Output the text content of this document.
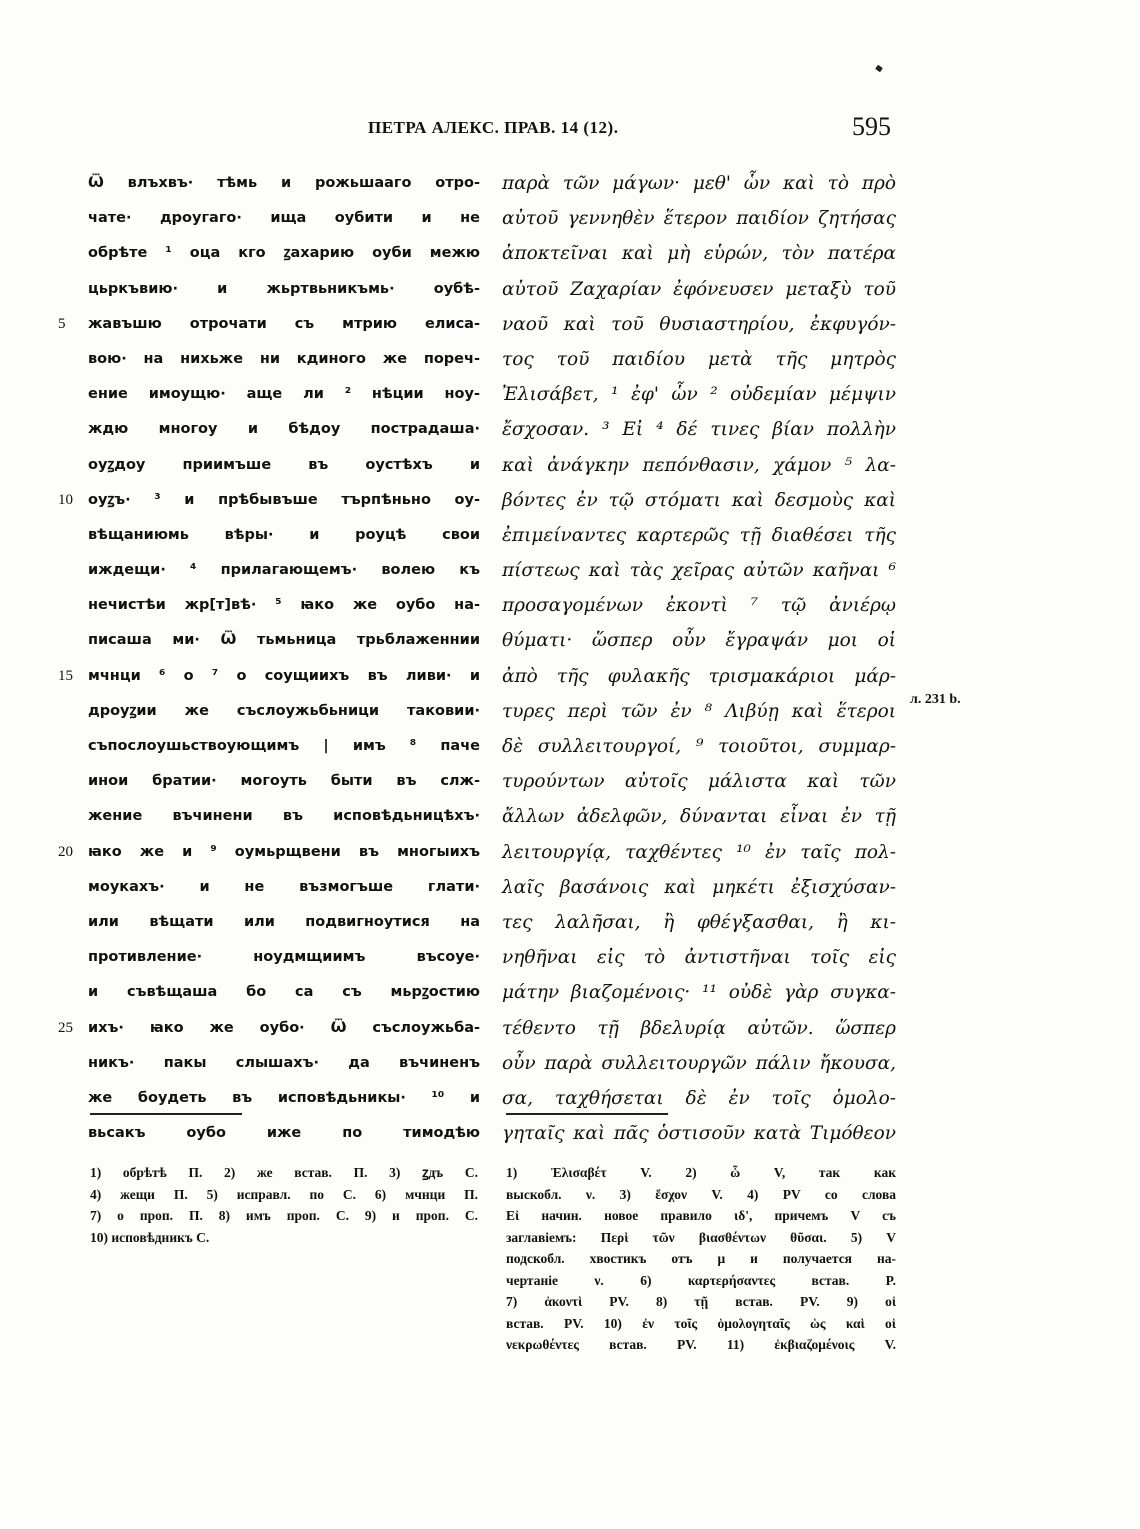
ПЕТРА АЛЕКС. ПРАВ. 14 (12).	595
Ѿ влъхвъ· тѣмь и рожьшааго отро-
чате· дроугаго· ища оубити и не
обрѣте ¹ оца кго ꙁахарию оуби межю
цьркъвию· и жьртвьникъмь· оубѣ-
5	жавъшю отрочати съ мтрию елиса-
вою· на нихьже ни кдиного же пореч-
ение имоущю· аще ли ² нѣции ноу-
ждю многоу и бѣдоу пострадаша·
оуꙁдоу приимъше въ оустѣхъ и
10	оуꙁъ· ³ и прѣбывъше търпѣньно оу-
вѣщаниюмь вѣры· и роуцѣ свои
иждещи· ⁴ прилагающемъ· волею къ
нечистѣи жр[т]вѣ· ⁵ ꙗко же оубо на-
писаша ми· Ѿ тьмьница трьблаженнии
15	мчнци ⁶ о ⁷ о соущиихъ въ ливи· и
дроуꙁии же съслоужьбьници таковии·
съпослоушьствоующимъ | имъ ⁸ паче
инои братии· могоуть быти въ слж-
жение въчинени въ исповѣдьницѣхъ·
20	ꙗко же и ⁹ оумьрщвени въ многыихъ
моукахъ· и не възмогъше глати·
или вѣщати или подвигноутися на
противление· ноудмщиимъ въсоуе·
и съвѣщаша бо са съ мьрꙁостию
25	ихъ· ꙗко же оубо· Ѿ съслоужьба-
никъ· пакы слышахъ· да въчиненъ
же боудеть въ исповѣдьникы· ¹⁰ и
вьсакъ оубо иже по тимодѣю
παρὰ τῶν μάγων· μεθ' ὧν καὶ τὸ πρὸ
αὐτοῦ γεννηθὲν ἕτερον παιδίον ζητήσας
ἀποκτεῖναι καὶ μὴ εὑρών, τὸν πατέρα
αὐτοῦ Ζαχαρίαν ἐφόνευσεν μεταξὺ τοῦ
ναοῦ καὶ τοῦ θυσιαστηρίου, ἐκφυγόν-
τος τοῦ παιδίου μετὰ τῆς μητρὸς
Ἐλισάβετ, ¹ ἐφ' ὧν ² οὐδεμίαν μέμψιν
ἔσχοσαν. ³ Εἰ ⁴ δέ τινες βίαν πολλὴν
καὶ ἀνάγκην πεπόνθασιν, χάμον ⁵ λα-
βόντες ἐν τῷ στόματι καὶ δεσμοὺς καὶ
ἐπιμείναντες καρτερῶς τῇ διαθέσει τῆς
πίστεως καὶ τὰς χεῖρας αὐτῶν καῆναι ⁶
προσαγομένων ἐκοντὶ ⁷ τῷ ἀνιέρῳ
θύματι· ὥσπερ οὖν ἔγραψάν μοι οἱ
ἀπὸ τῆς φυλακῆς τρισμακάριοι μάρ-
τυρες περὶ τῶν ἐν ⁸ Λιβύῃ καὶ ἕτεροι
δὲ συλλειτουργοί, ⁹ τοιοῦτοι, συμμαρ-
τυρούντων αὐτοῖς μάλιστα καὶ τῶν
ἄλλων ἀδελφῶν, δύνανται εἶναι ἐν τῇ
λειτουργίᾳ, ταχθέντες ¹⁰ ἐν ταῖς πολ-
λαῖς βασάνοις καὶ μηκέτι ἐξισχύσαν-
τες λαλῆσαι, ἢ φθέγξασθαι, ἢ κι-
νηθῆναι εἰς τὸ ἀντιστῆναι τοῖς εἰς
μάτην βιαζομένοις· ¹¹ οὐδὲ γὰρ συγκα-
τέθεντο τῇ βδελυρίᾳ αὐτῶν. ὥσπερ
οὖν παρὰ συλλειτουργῶν πάλιν ἤκουσα,
σα, ταχθήσεται δὲ ἐν τοῖς ὁμολο-
γηταῖς καὶ πᾶς ὁστισοῦν κατὰ Τιμόθεον
л. 231 b.
1) обрѣтѣ П. 2) же встав. П. 3) ꙁдъ С.
4) жещи П. 5) исправл. по С. 6) мчнци П.
7) о проп. П. 8) имъ проп. С. 9) и проп. С.
10) исповѣдникъ С.
1) Ἐλισαβέτ V. 2) ὧ V, так как
выскобл. ν. 3) ἔσχον V. 4) PV со слова
Εἰ начин. новое правило ιδ', причемъ V съ
заглавіемъ: Περὶ τῶν βιασθέντων θῦσαι. 5) V
подскобл. хвостикъ отъ μ и получается на-
чертаніе ν. 6) καρτερήσαντες встав. P.
7) ἀκοντὶ PV. 8) τῇ встав. PV. 9) οἱ
встав. PV. 10) ἐν τοῖς ὁμολογηταῖς ὡς καὶ οἱ
νεκρωθέντες встав. PV. 11) ἐκβιαζομένοις V.
